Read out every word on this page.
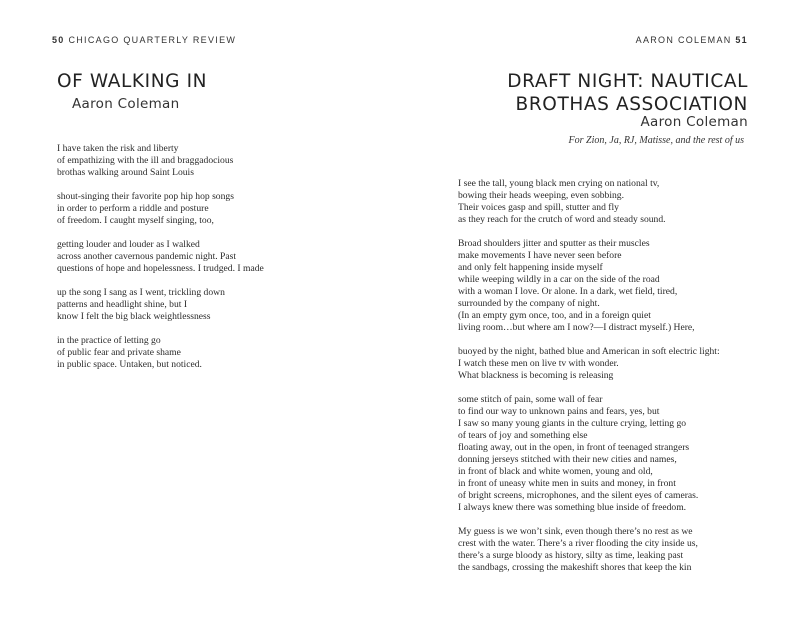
50 CHICAGO QUARTERLY REVIEW
OF WALKING IN
Aaron Coleman
I have taken the risk and liberty
of empathizing with the ill and braggadocious
brothas walking around Saint Louis
shout-singing their favorite pop hip hop songs
in order to perform a riddle and posture
of freedom. I caught myself singing, too,
getting louder and louder as I walked
across another cavernous pandemic night. Past
questions of hope and hopelessness. I trudged. I made
up the song I sang as I went, trickling down
patterns and headlight shine, but I
know I felt the big black weightlessness
in the practice of letting go
of public fear and private shame
in public space. Untaken, but noticed.
AARON COLEMAN 51
DRAFT NIGHT: NAUTICAL
BROTHAS ASSOCIATION
Aaron Coleman
For Zion, Ja, RJ, Matisse, and the rest of us
I see the tall, young black men crying on national tv,
bowing their heads weeping, even sobbing.
Their voices gasp and spill, stutter and fly
as they reach for the crutch of word and steady sound.
Broad shoulders jitter and sputter as their muscles
make movements I have never seen before
and only felt happening inside myself
while weeping wildly in a car on the side of the road
with a woman I love. Or alone. In a dark, wet field, tired,
surrounded by the company of night.
(In an empty gym once, too, and in a foreign quiet
living room…but where am I now?—I distract myself.) Here,
buoyed by the night, bathed blue and American in soft electric light:
I watch these men on live tv with wonder.
What blackness is becoming is releasing
some stitch of pain, some wall of fear
to find our way to unknown pains and fears, yes, but
I saw so many young giants in the culture crying, letting go
of tears of joy and something else
floating away, out in the open, in front of teenaged strangers
donning jerseys stitched with their new cities and names,
in front of black and white women, young and old,
in front of uneasy white men in suits and money, in front
of bright screens, microphones, and the silent eyes of cameras.
I always knew there was something blue inside of freedom.
My guess is we won’t sink, even though there’s no rest as we
crest with the water. There’s a river flooding the city inside us,
there’s a surge bloody as history, silty as time, leaking past
the sandbags, crossing the makeshift shores that keep the kin
